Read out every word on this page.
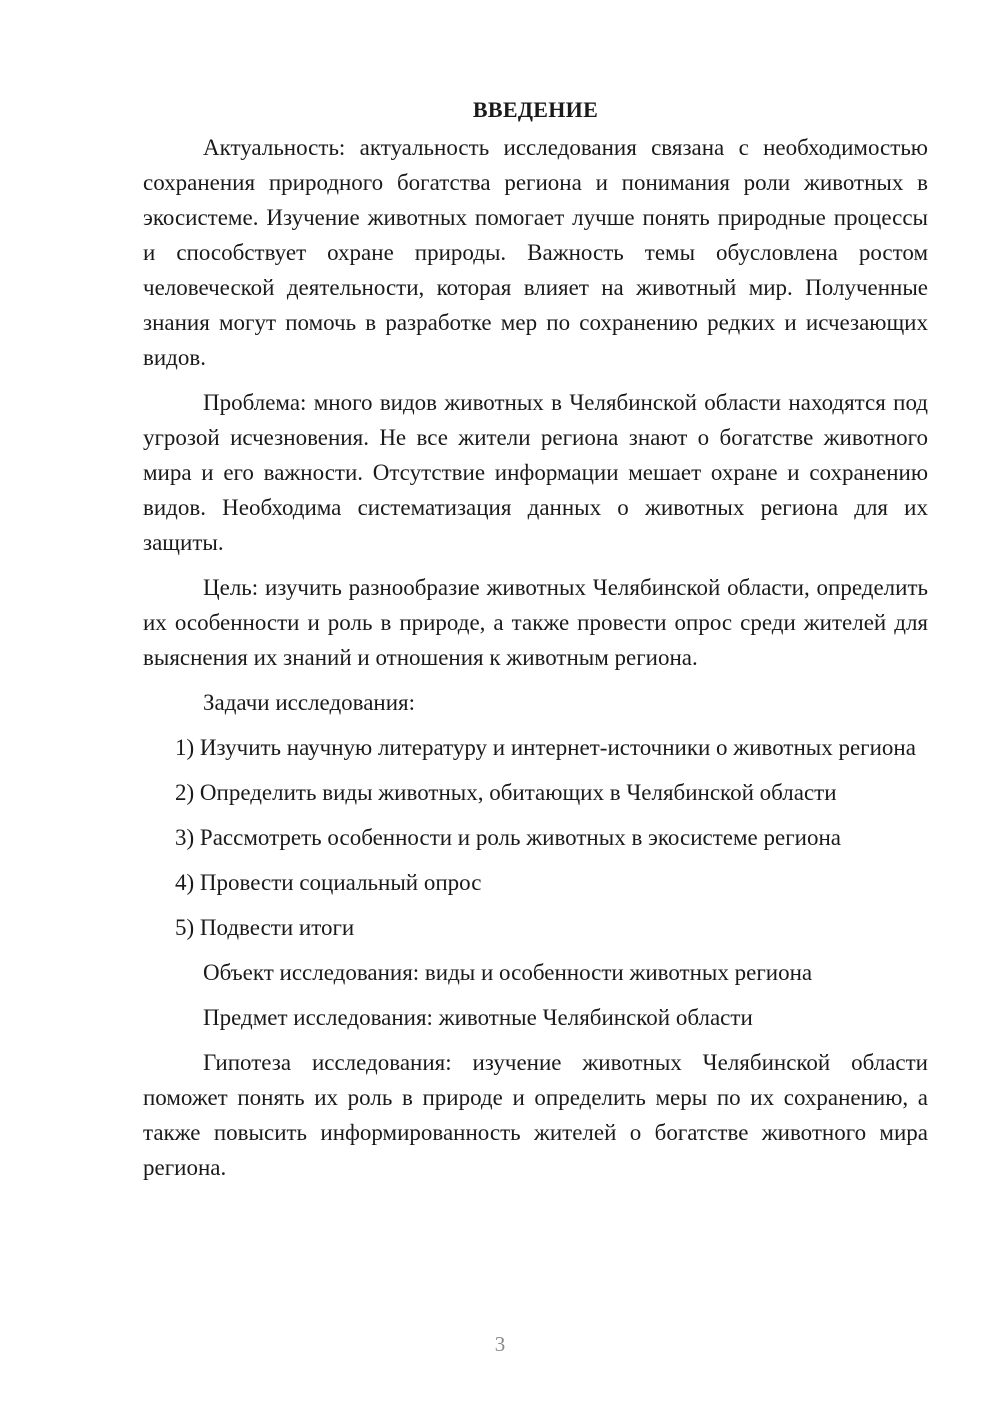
ВВЕДЕНИЕ

Актуальность: актуальность исследования связана с необходимостью сохранения природного богатства региона и понимания роли животных в экосистеме. Изучение животных помогает лучше понять природные процессы и способствует охране природы. Важность темы обусловлена ростом человеческой деятельности, которая влияет на животный мир. Полученные знания могут помочь в разработке мер по сохранению редких и исчезающих видов.

Проблема: много видов животных в Челябинской области находятся под угрозой исчезновения. Не все жители региона знают о богатстве животного мира и его важности. Отсутствие информации мешает охране и сохранению видов. Необходима систематизация данных о животных региона для их защиты.

Цель: изучить разнообразие животных Челябинской области, определить их особенности и роль в природе, а также провести опрос среди жителей для выяснения их знаний и отношения к животным региона.

Задачи исследования:

1) Изучить научную литературу и интернет-источники о животных региона

2) Определить виды животных, обитающих в Челябинской области

3) Рассмотреть особенности и роль животных в экосистеме региона

4) Провести социальный опрос

5) Подвести итоги

Объект исследования: виды и особенности животных региона

Предмет исследования: животные Челябинской области

Гипотеза исследования: изучение животных Челябинской области поможет понять их роль в природе и определить меры по их сохранению, а также повысить информированность жителей о богатстве животного мира региона.

3
